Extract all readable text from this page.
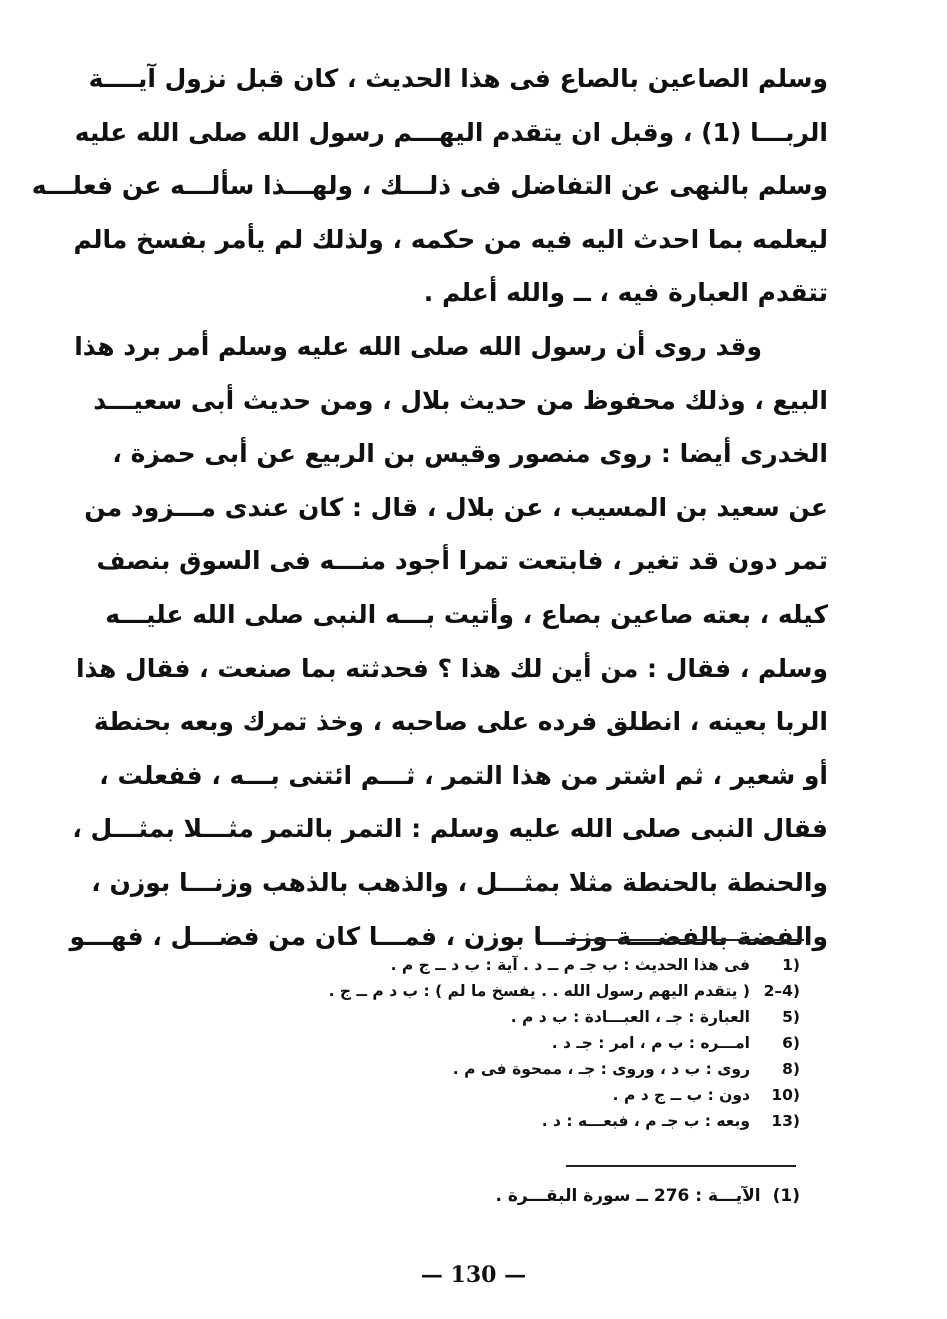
وسلم الصاعين بالصاع فى هذا الحديث ، كان قبل نزول آيــــة
الربـــا (1) ، وقبل ان يتقدم اليهـــم رسول الله صلى الله عليه
وسلم بالنهى عن التفاضل فى ذلـــك ، ولهـــذا سألـــه عن فعلـــه
ليعلمه بما احدث اليه فيه من حكمه ، ولذلك لم يأمر بفسخ مالم
تتقدم العبارة فيه ، ــ والله أعلم .
وقد روى أن رسول الله صلى الله عليه وسلم أمر برد هذا
البيع ، وذلك محفوظ من حديث بلال ، ومن حديث أبى سعيـــد
الخدرى أيضا : روى منصور وقيس بن الربيع عن أبى حمزة ،
عن سعيد بن المسيب ، عن بلال ، قال : كان عندى مـــزود من
تمر دون قد تغير ، فابتعت تمرا أجود منـــه فى السوق بنصف
كيله ، بعته صاعين بصاع ، وأتيت بـــه النبى صلى الله عليـــه
وسلم ، فقال : من أين لك هذا ؟ فحدثته بما صنعت ، فقال هذا
الربا بعينه ، انطلق فرده على صاحبه ، وخذ تمرك وبعه بحنطة
أو شعير ، ثم اشتر من هذا التمر ، ثـــم ائتنى بـــه ، ففعلت ،
فقال النبى صلى الله عليه وسلم : التمر بالتمر مثـــلا بمثـــل ،
والحنطة بالحنطة مثلا بمثـــل ، والذهب بالذهب وزنـــا بوزن ،
والفضة بالفضـــة وزنـــا بوزن ، فمـــا كان من فضـــل ، فهـــو
1)
فى هذا الحديث : ب جـ م ــ د . آية : ب د ــ ج م .
2–4)
( يتقدم اليهم رسول الله . . يفسخ ما لم ) : ب د م ــ ج .
5)
العبارة : جـ ، العبـــادة : ب د م .
6)
امـــره : ب م ، امر : جـ د .
8)
روى : ب د ، وروى : جـ ، ممحوة فى م .
10)
دون : ب ــ ج د م .
13)
وبعه : ب جـ م ، فبعـــه : د .
(1)
الآيـــة : 276 ــ سورة البقـــرة .
— 130 —
